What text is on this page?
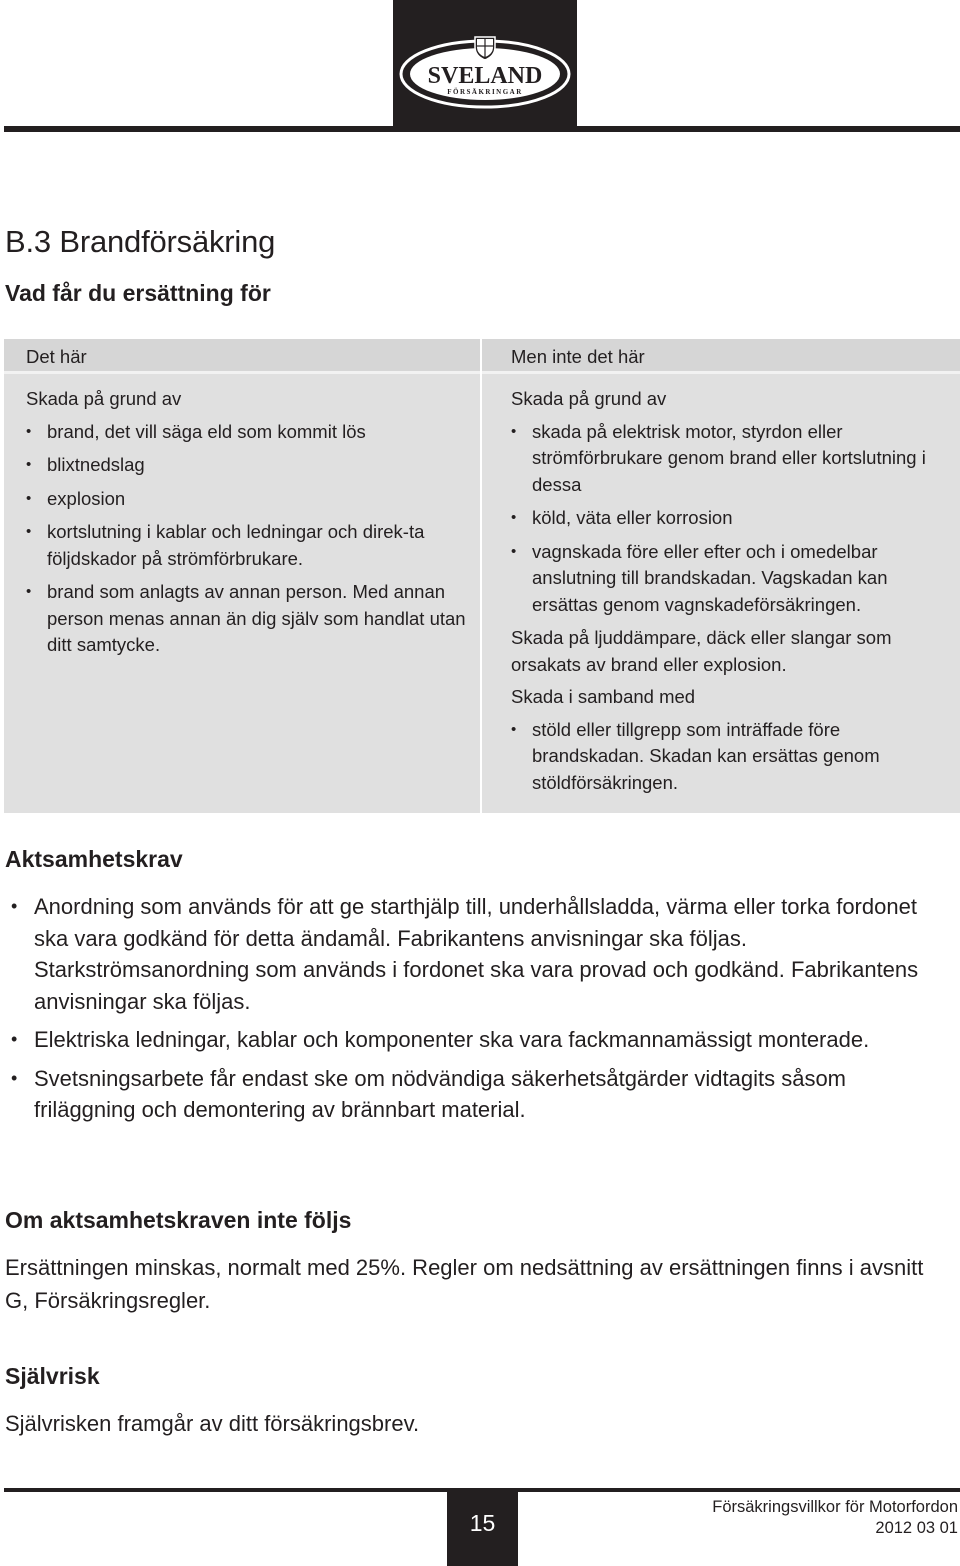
SVELAND
FÖRSÄKRINGAR
B.3 Brandförsäkring
Vad får du ersättning för
Det här

Skada på grund av

• brand, det vill säga eld som kommit lös
• blixtnedslag
• explosion
• kortslutning i kablar och ledningar och direk-ta följdskador på strömförbrukare.
• brand som anlagts av annan person. Med annan person menas annan än dig själv som handlat utan ditt samtycke.
Men inte det här

Skada på grund av

• skada på elektrisk motor, styrdon eller strömförbrukare genom brand eller kortslutning i dessa
• köld, väta eller korrosion
• vagnskada före eller efter och i omedelbar anslutning till brandskadan. Vagskadan kan ersättas genom vagnskadeförsäkringen.

Skada på ljuddämpare, däck eller slangar som orsakats av brand eller explosion.

Skada i samband med

• stöld eller tillgrepp som inträffade före brandskadan. Skadan kan ersättas genom stöldförsäkringen.
Aktsamhetskrav
• Anordning som används för att ge starthjälp till, underhållsladda, värma eller torka fordonet ska vara godkänd för detta ändamål. Fabrikantens anvisningar ska följas. Starkströmsanordning som används i fordonet ska vara provad och godkänd. Fabrikantens anvisningar ska följas.
• Elektriska ledningar, kablar och komponenter ska vara fackmannamässigt monterade.
• Svetsningsarbete får endast ske om nödvändiga säkerhetsåtgärder vidtagits såsom friläggning och demontering av brännbart material.
Om aktsamhetskraven inte följs
Ersättningen minskas, normalt med 25%. Regler om nedsättning av ersättningen finns i avsnitt G, Försäkringsregler.
Självrisk
Självrisken framgår av ditt försäkringsbrev.
15
Försäkringsvillkor för Motorfordon
2012 03 01
